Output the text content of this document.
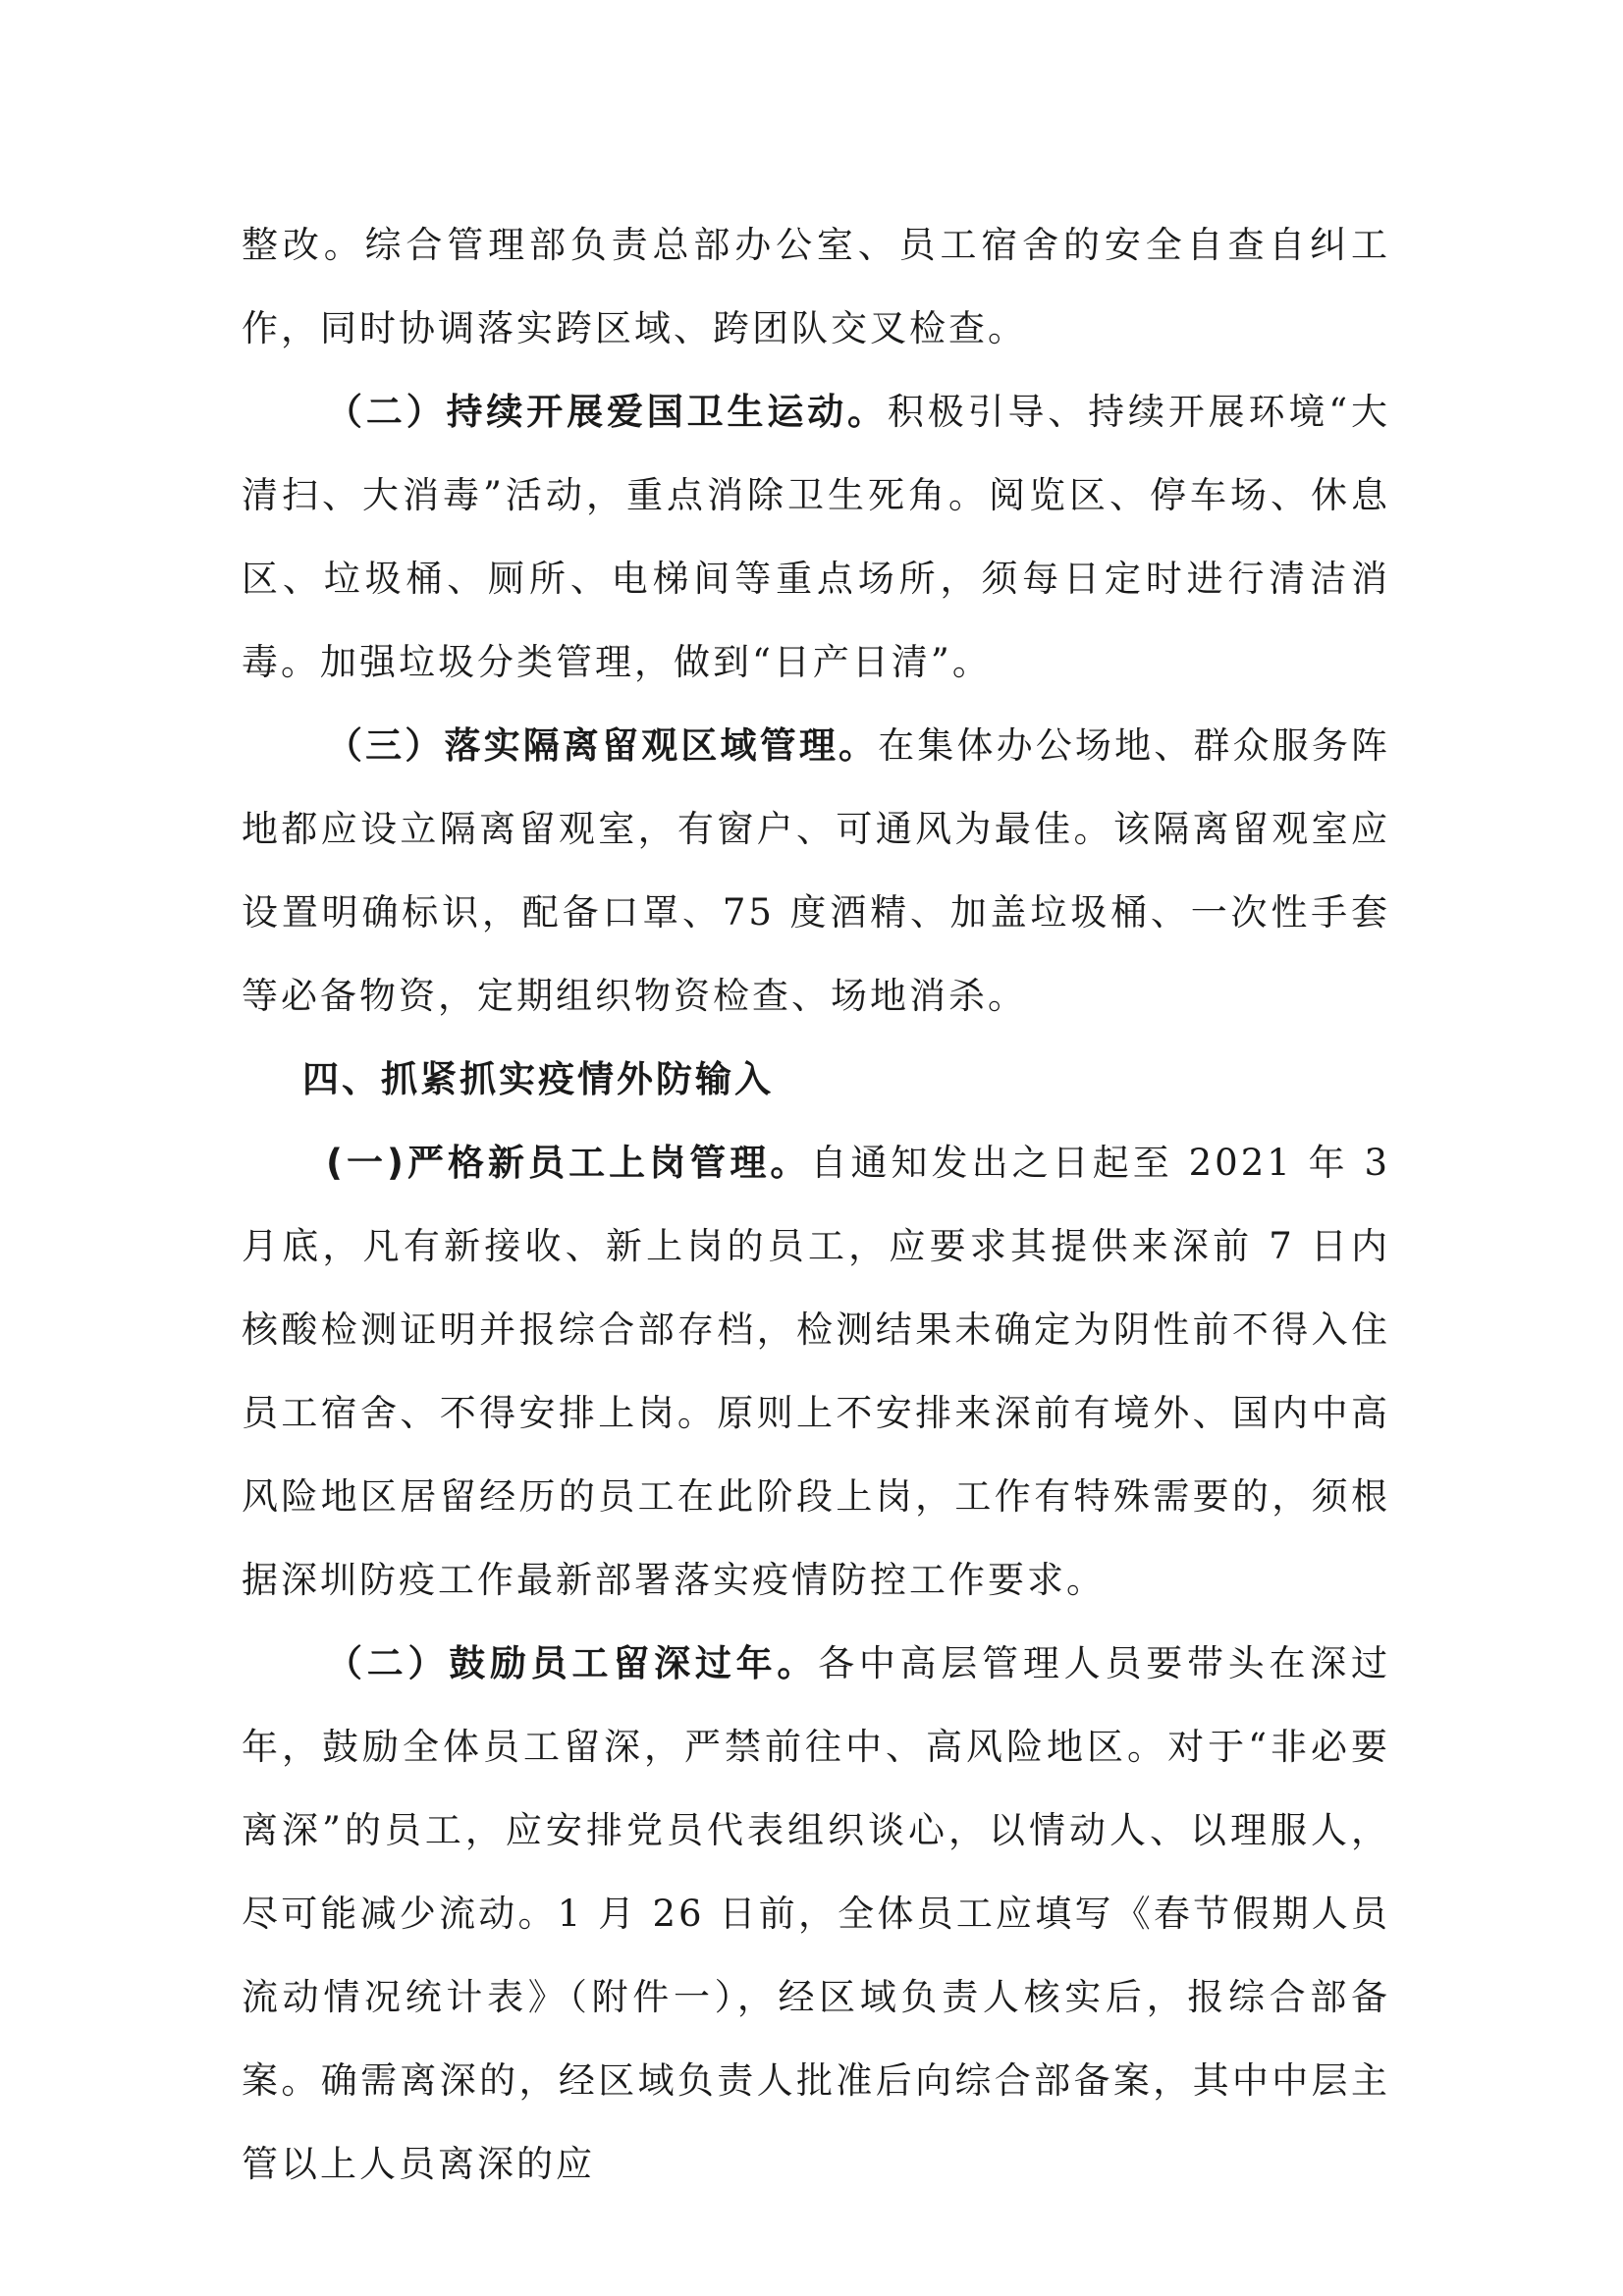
整改。综合管理部负责总部办公室、员工宿舍的安全自查自纠工作，同时协调落实跨区域、跨团队交叉检查。

（二）持续开展爱国卫生运动。积极引导、持续开展环境“大清扫、大消毒”活动，重点消除卫生死角。阅览区、停车场、休息区、垃圾桶、厕所、电梯间等重点场所，须每日定时进行清洁消毒。加强垃圾分类管理，做到“日产日清”。

（三）落实隔离留观区域管理。在集体办公场地、群众服务阵地都应设立隔离留观室，有窗户、可通风为最佳。该隔离留观室应设置明确标识，配备口罩、75 度酒精、加盖垃圾桶、一次性手套等必备物资，定期组织物资检查、场地消杀。

四、抓紧抓实疫情外防输入

(一)严格新员工上岗管理。自通知发出之日起至 2021 年 3 月底，凡有新接收、新上岗的员工，应要求其提供来深前 7 日内核酸检测证明并报综合部存档，检测结果未确定为阴性前不得入住员工宿舍、不得安排上岗。原则上不安排来深前有境外、国内中高风险地区居留经历的员工在此阶段上岗，工作有特殊需要的，须根据深圳防疫工作最新部署落实疫情防控工作要求。

（二）鼓励员工留深过年。各中高层管理人员要带头在深过年，鼓励全体员工留深，严禁前往中、高风险地区。对于“非必要离深”的员工，应安排党员代表组织谈心，以情动人、以理服人，尽可能减少流动。1 月 26 日前，全体员工应填写《春节假期人员流动情况统计表》（附件一），经区域负责人核实后，报综合部备案。确需离深的，经区域负责人批准后向综合部备案，其中中层主管以上人员离深的应
